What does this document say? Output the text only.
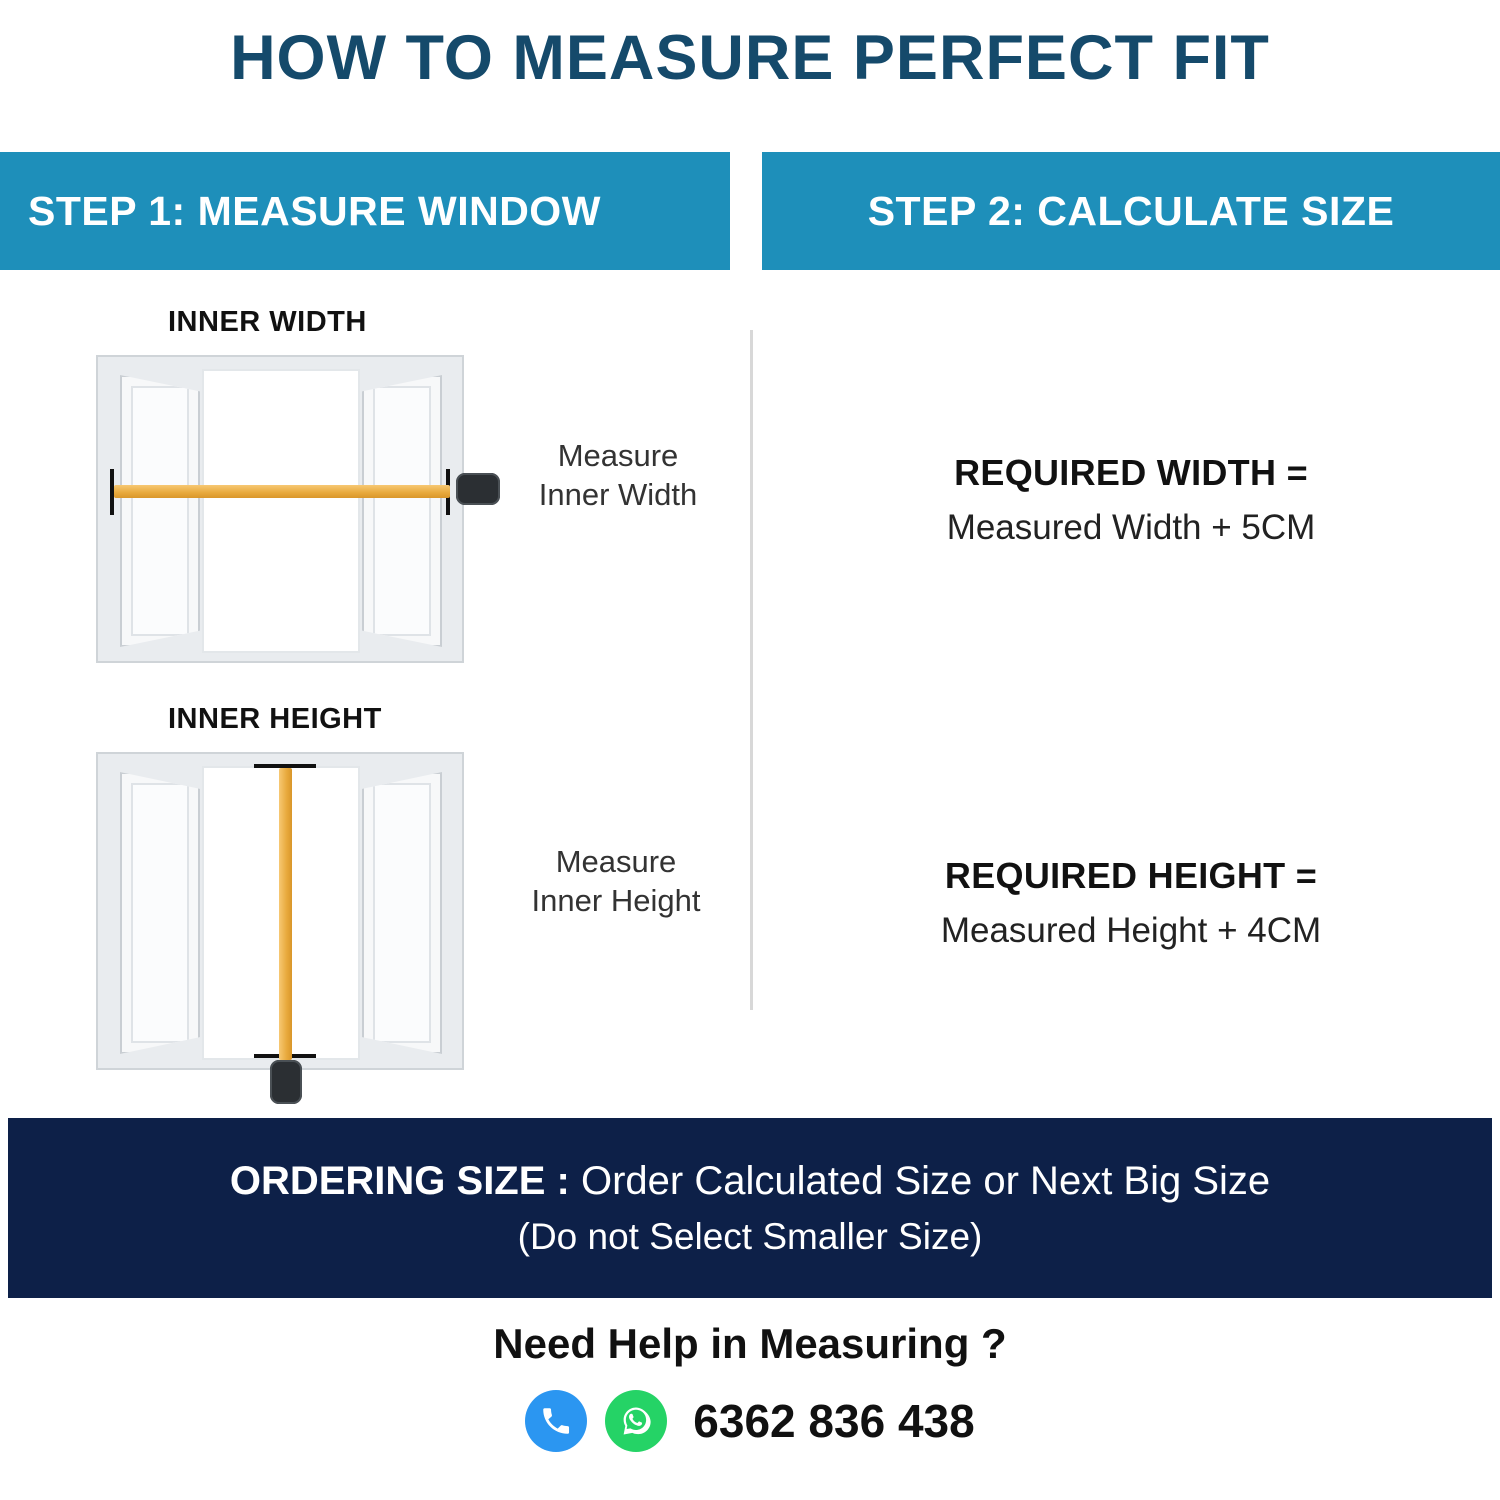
HOW TO MEASURE PERFECT FIT
STEP 1: MEASURE WINDOW	STEP 2: CALCULATE SIZE
INNER WIDTH
Measure
Inner Width
INNER HEIGHT
Measure
Inner Height
REQUIRED WIDTH =
Measured Width + 5CM
REQUIRED HEIGHT =
Measured Height + 4CM
ORDERING SIZE : Order Calculated Size or Next Big Size
(Do not Select Smaller Size)
Need Help in Measuring ?
6362 836 438
